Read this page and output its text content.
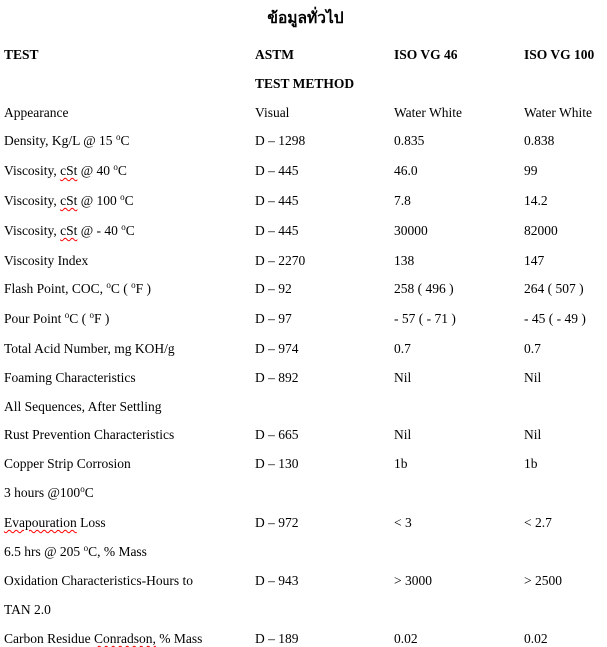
ข้อมูลทั่วไป
TEST	ASTM	ISO VG 46	ISO VG 100
TEST METHOD
Appearance	Visual	Water White	Water White
Density, Kg/L @ 15 $^o$C	D – 1298	0.835	0.838
Viscosity, cSt @ 40 $^o$C	D – 445	46.0	99
Viscosity, cSt @ 100 $^o$C	D – 445	7.8	14.2
Viscosity, cSt @ - 40 $^o$C	D – 445	30000	82000
Viscosity Index	D – 2270	138	147
Flash Point, COC, $^o$C ( $^o$F )	D – 92	258 ( 496 )	264 ( 507 )
Pour Point $^o$C ( $^o$F )	D – 97	- 57 ( - 71 )	- 45 ( - 49 )
Total Acid Number, mg KOH/g	D – 974	0.7	0.7
Foaming Characteristics	D – 892	Nil	Nil
All Sequences, After Settling
Rust Prevention Characteristics	D – 665	Nil	Nil
Copper Strip Corrosion	D – 130	1b	1b
3 hours @100$^o$C
Evapouration Loss	D – 972	< 3	< 2.7
6.5 hrs @ 205 $^o$C, % Mass
Oxidation Characteristics-Hours to	D – 943	> 3000	> 2500
TAN 2.0
Carbon Residue Conradson, % Mass	D – 189	0.02	0.02
